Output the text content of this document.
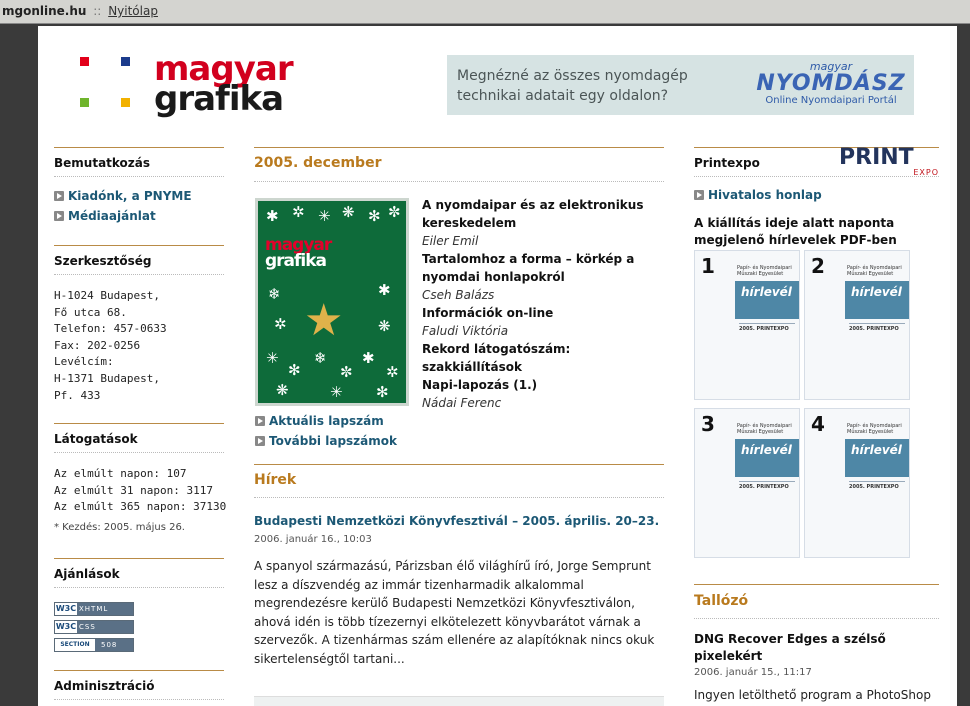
mgonline.hu :: Nyitólap
magyar
grafika
Megnézné az összes nyomdagép
technikai adatait egy oldalon?
magyar
NYOMDÁSZ
Online Nyomdaipari Portál
Bemutatkozás
Kiadónk, a PNYME
Médiaajánlat
Szerkesztőség
H-1024 Budapest,
Fő utca 68.
Telefon: 457-0633
Fax: 202-0256
Levélcím:
H-1371 Budapest,
Pf. 433
Látogatások
Az elmúlt napon: 107
Az elmúlt 31 napon: 3117
Az elmúlt 365 napon: 37130
* Kezdés: 2005. május 26.
Ajánlások
W3C XHTML
W3C CSS
SECTION	508
Adminisztráció
2005. december
✱ ✲ ✳ ❋ ✻ ✼
magyar
grafika
❄	✱
✲	❋
★
✳
✻
❄
✼
✱
✲
❋	✳ ✻
A nyomdaipar és az elektronikus kereskedelem
Eiler Emil
Tartalomhoz a forma – körkép a nyomdai honlapokról
Cseh Balázs
Információk on-line
Faludi Viktória
Rekord látogatószám: szakkiállítások
Napi-lapozás (1.)
Nádai Ferenc
Aktuális lapszám
További lapszámok
Hírek
Budapesti Nemzetközi Könyvfesztivál – 2005. április. 20–23.
2006. január 16., 10:03
A spanyol származású, Párizsban élő világhírű író, Jorge Semprunt lesz a díszvendég az immár tizenharmadik alkalommal megrendezésre kerülő Budapesti Nemzetközi Könyvfesztiválon, ahová idén is több tízezernyi elkötelezett könyvbarátot várnak a szervezők. A tizenhármas szám ellenére az alapítóknak nincs okuk sikertelenségtől tartani...
Printexpo	PRINT
EXPO
Hivatalos honlap
A kiállítás ideje alatt naponta megjelenő hírlevelek PDF-ben
1	Papír- és Nyomdaipari
Műszaki Egyesület
hírlevél
2005. PRINTEXPO
2	Papír- és Nyomdaipari
Műszaki Egyesület
hírlevél
2005. PRINTEXPO
3	Papír- és Nyomdaipari
Műszaki Egyesület
hírlevél
2005. PRINTEXPO
4	Papír- és Nyomdaipari
Műszaki Egyesület
hírlevél
2005. PRINTEXPO
Tallózó
DNG Recover Edges a szélső pixelekért
2006. január 15., 11:17
Ingyen letölthető program a PhotoShop
